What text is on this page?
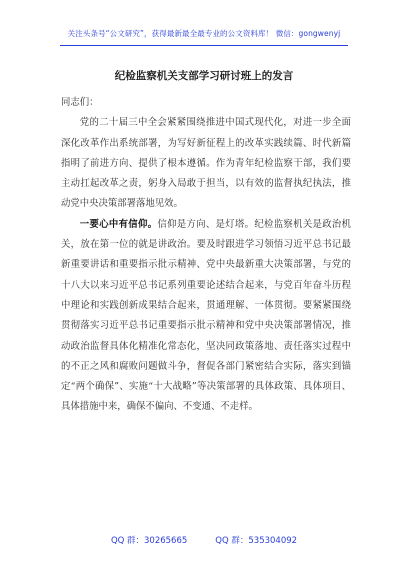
关注头条号“公文研究”，获得最新最全最专业的公文资料库！ 微信：gongwenyj
纪检监察机关支部学习研讨班上的发言

同志们：

党的二十届三中全会紧紧围绕推进中国式现代化，对进一步全面深化改革作出系统部署，为写好新征程上的改革实践续篇、时代新篇指明了前进方向、提供了根本遵循。作为青年纪检监察干部，我们要主动扛起改革之责，躬身入局敢于担当，以有效的监督执纪执法，推动党中央决策部署落地见效。

一要心中有信仰。信仰是方向、是灯塔。纪检监察机关是政治机关，放在第一位的就是讲政治。要及时跟进学习领悟习近平总书记最新重要讲话和重要指示批示精神、党中央最新重大决策部署，与党的十八大以来习近平总书记系列重要论述结合起来，与党百年奋斗历程中理论和实践创新成果结合起来，贯通理解、一体贯彻。要紧紧围绕贯彻落实习近平总书记重要指示批示精神和党中央决策部署情况，推动政治监督具体化精准化常态化，坚决同政策落地、责任落实过程中的不正之风和腐败问题做斗争，督促各部门紧密结合实际，落实到锚定“两个确保”、实施“十大战略”等决策部署的具体政策、具体项目、具体措施中来，确保不偏向、不变通、不走样。

QQ 群：30265665	QQ 群：535304092
